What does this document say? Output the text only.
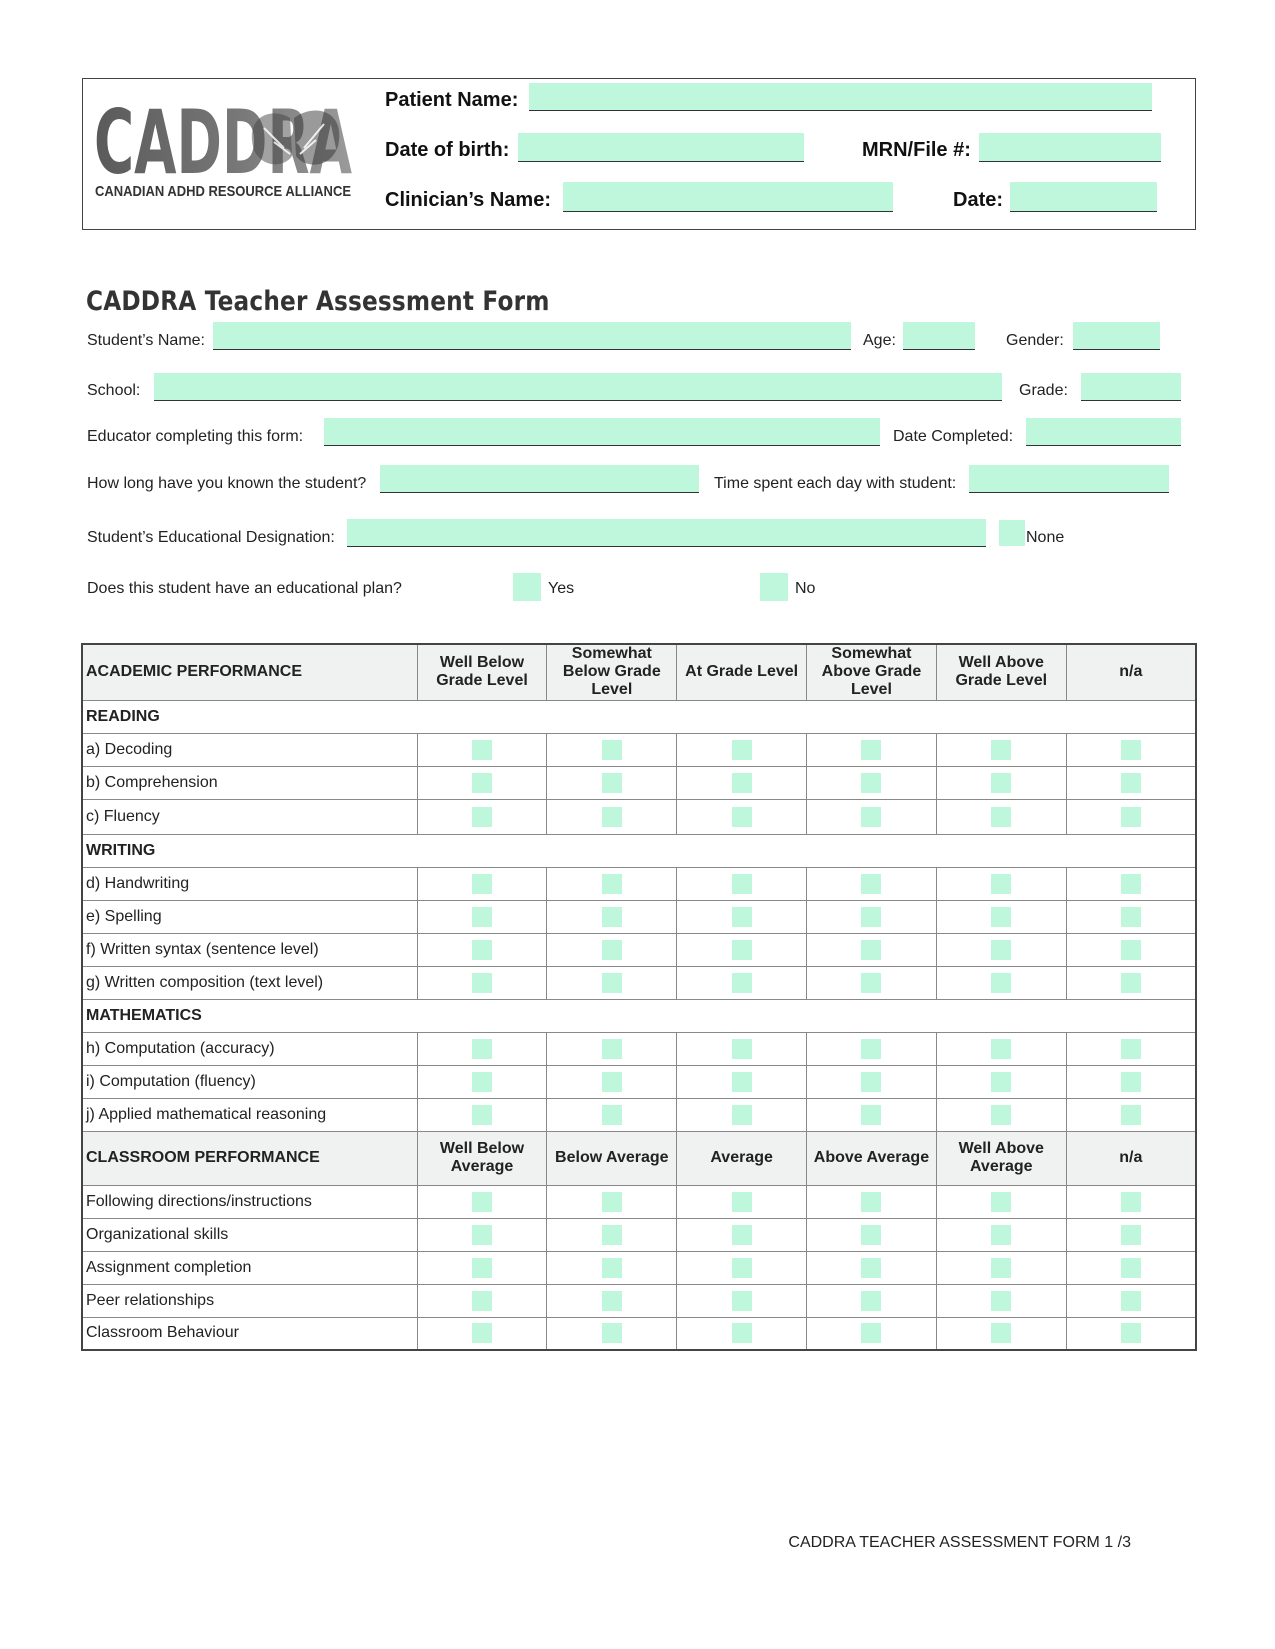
CADDRA
CANADIAN ADHD RESOURCE ALLIANCE
Patient Name:
Date of birth:	MRN/File #:
Clinician’s Name:	Date:
CADDRA Teacher Assessment Form
Student’s Name:	Age:	Gender:
School:	Grade:
Educator completing this form:	Date Completed:
How long have you known the student?	Time spent each day with student:
Student’s Educational Designation:	None
Does this student have an educational plan?	Yes	No
ACADEMIC PERFORMANCE	Well Below Grade Level	Somewhat Below Grade Level	At Grade Level	Somewhat Above Grade Level	Well Above Grade Level	n/a
READING						
a) Decoding						
b) Comprehension						
c) Fluency						
WRITING						
d) Handwriting						
e) Spelling						
f) Written syntax (sentence level)						
g) Written composition (text level)						
MATHEMATICS						
h) Computation (accuracy)						
i) Computation (fluency)						
j) Applied mathematical reasoning						
CLASSROOM PERFORMANCE	Well Below Average	Below Average	Average	Above Average	Well Above Average	n/a
Following directions/instructions						
Organizational skills						
Assignment completion						
Peer relationships						
Classroom Behaviour						
CADDRA TEACHER ASSESSMENT FORM 1 /3
